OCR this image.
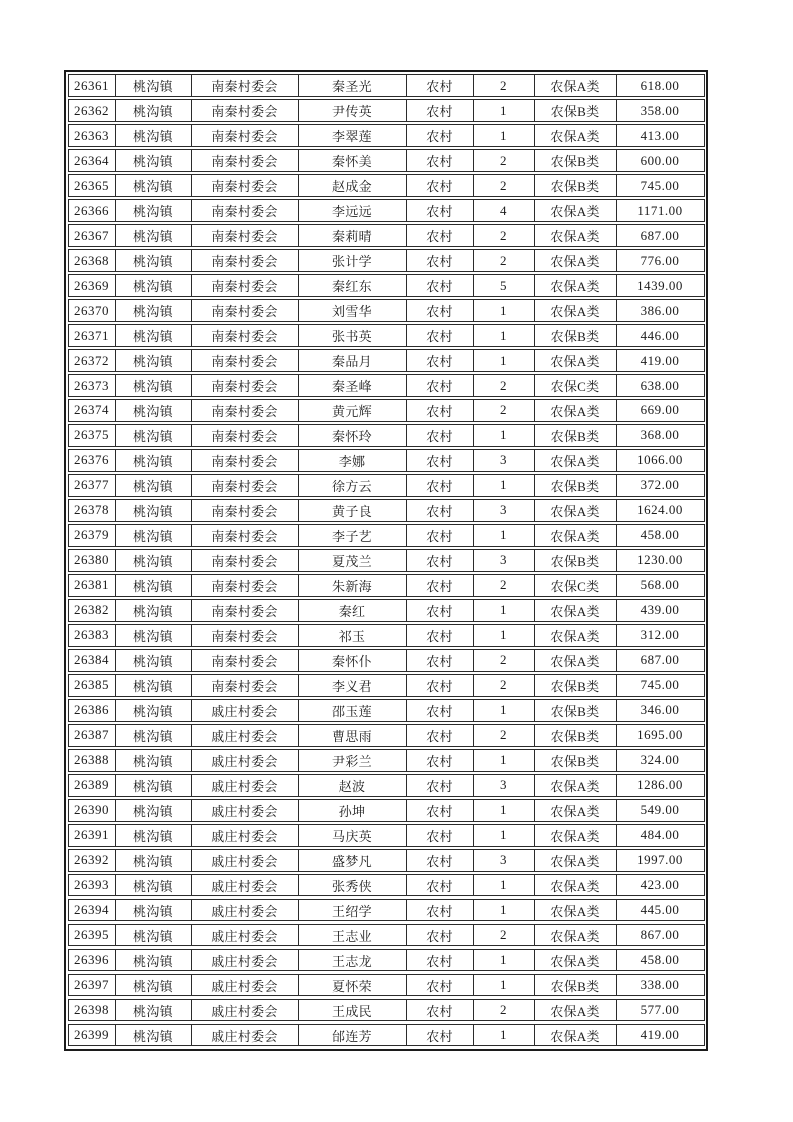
26361	桃沟镇	南秦村委会	秦圣光	农村	2	农保A类	618.00
26362	桃沟镇	南秦村委会	尹传英	农村	1	农保B类	358.00
26363	桃沟镇	南秦村委会	李翠莲	农村	1	农保A类	413.00
26364	桃沟镇	南秦村委会	秦怀美	农村	2	农保B类	600.00
26365	桃沟镇	南秦村委会	赵成金	农村	2	农保B类	745.00
26366	桃沟镇	南秦村委会	李远远	农村	4	农保A类	1171.00
26367	桃沟镇	南秦村委会	秦莉晴	农村	2	农保A类	687.00
26368	桃沟镇	南秦村委会	张计学	农村	2	农保A类	776.00
26369	桃沟镇	南秦村委会	秦红东	农村	5	农保A类	1439.00
26370	桃沟镇	南秦村委会	刘雪华	农村	1	农保A类	386.00
26371	桃沟镇	南秦村委会	张书英	农村	1	农保B类	446.00
26372	桃沟镇	南秦村委会	秦品月	农村	1	农保A类	419.00
26373	桃沟镇	南秦村委会	秦圣峰	农村	2	农保C类	638.00
26374	桃沟镇	南秦村委会	黄元辉	农村	2	农保A类	669.00
26375	桃沟镇	南秦村委会	秦怀玲	农村	1	农保B类	368.00
26376	桃沟镇	南秦村委会	李娜	农村	3	农保A类	1066.00
26377	桃沟镇	南秦村委会	徐方云	农村	1	农保B类	372.00
26378	桃沟镇	南秦村委会	黄子良	农村	3	农保A类	1624.00
26379	桃沟镇	南秦村委会	李子艺	农村	1	农保A类	458.00
26380	桃沟镇	南秦村委会	夏茂兰	农村	3	农保B类	1230.00
26381	桃沟镇	南秦村委会	朱新海	农村	2	农保C类	568.00
26382	桃沟镇	南秦村委会	秦红	农村	1	农保A类	439.00
26383	桃沟镇	南秦村委会	祁玉	农村	1	农保A类	312.00
26384	桃沟镇	南秦村委会	秦怀仆	农村	2	农保A类	687.00
26385	桃沟镇	南秦村委会	李义君	农村	2	农保B类	745.00
26386	桃沟镇	戚庄村委会	邵玉莲	农村	1	农保B类	346.00
26387	桃沟镇	戚庄村委会	曹思雨	农村	2	农保B类	1695.00
26388	桃沟镇	戚庄村委会	尹彩兰	农村	1	农保B类	324.00
26389	桃沟镇	戚庄村委会	赵波	农村	3	农保A类	1286.00
26390	桃沟镇	戚庄村委会	孙坤	农村	1	农保A类	549.00
26391	桃沟镇	戚庄村委会	马庆英	农村	1	农保A类	484.00
26392	桃沟镇	戚庄村委会	盛梦凡	农村	3	农保A类	1997.00
26393	桃沟镇	戚庄村委会	张秀侠	农村	1	农保A类	423.00
26394	桃沟镇	戚庄村委会	王绍学	农村	1	农保A类	445.00
26395	桃沟镇	戚庄村委会	王志业	农村	2	农保A类	867.00
26396	桃沟镇	戚庄村委会	王志龙	农村	1	农保A类	458.00
26397	桃沟镇	戚庄村委会	夏怀荣	农村	1	农保B类	338.00
26398	桃沟镇	戚庄村委会	王成民	农村	2	农保A类	577.00
26399	桃沟镇	戚庄村委会	邰连芳	农村	1	农保A类	419.00
